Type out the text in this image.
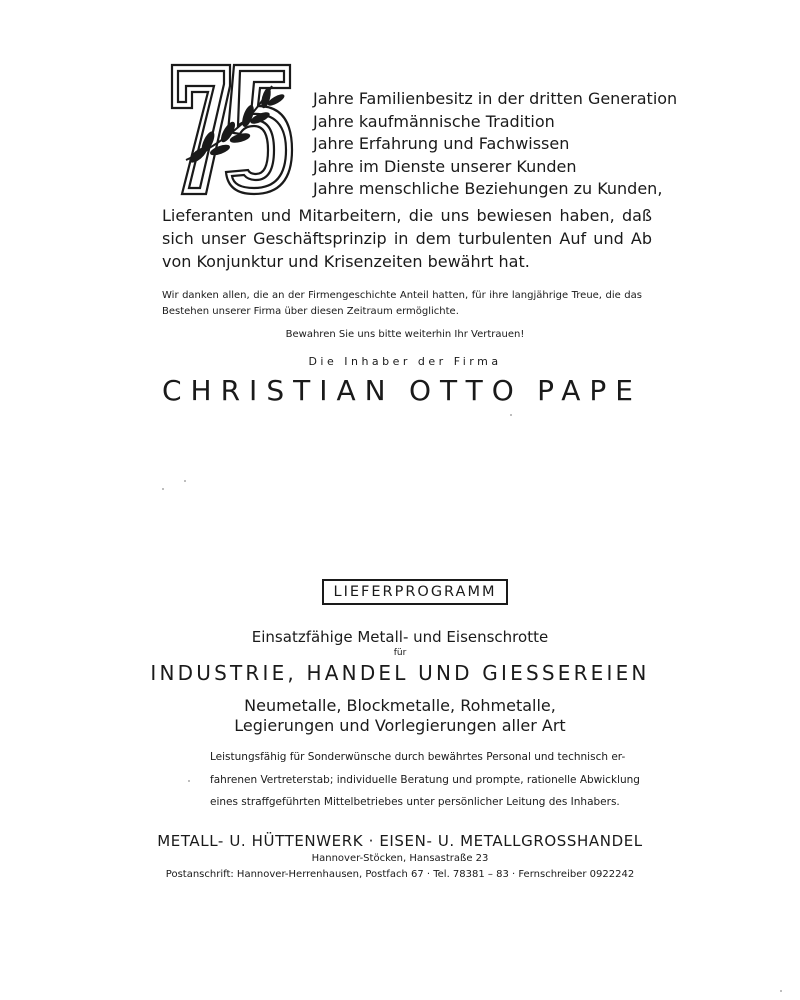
Jahre Familienbesitz in der dritten Generation
Jahre kaufmännische Tradition
Jahre Erfahrung und Fachwissen
Jahre im Dienste unserer Kunden
Jahre menschliche Beziehungen zu Kunden,
Lieferanten und Mitarbeitern, die uns bewiesen haben, daß sich unser Geschäftsprinzip in dem turbulenten Auf und Ab von Konjunktur und Krisenzeiten bewährt hat.
Wir danken allen, die an der Firmengeschichte Anteil hatten, für ihre langjährige Treue, die das Bestehen unserer Firma über diesen Zeitraum ermöglichte.
Bewahren Sie uns bitte weiterhin Ihr Vertrauen!
Die Inhaber der Firma
CHRISTIAN OTTO PAPE
LIEFERPROGRAMM
Einsatzfähige Metall- und Eisenschrotte
für
INDUSTRIE, HANDEL UND GIESSEREIEN
Neumetalle, Blockmetalle, Rohmetalle,
Legierungen und Vorlegierungen aller Art
Leistungsfähig für Sonderwünsche durch bewährtes Personal und technisch er-
fahrenen Vertreterstab; individuelle Beratung und prompte, rationelle Abwicklung
eines straffgeführten Mittelbetriebes unter persönlicher Leitung des Inhabers.
METALL- U. HÜTTENWERK · EISEN- U. METALLGROSSHANDEL
Hannover-Stöcken, Hansastraße 23
Postanschrift: Hannover-Herrenhausen, Postfach 67 · Tel. 78381 – 83 · Fernschreiber 0922242
